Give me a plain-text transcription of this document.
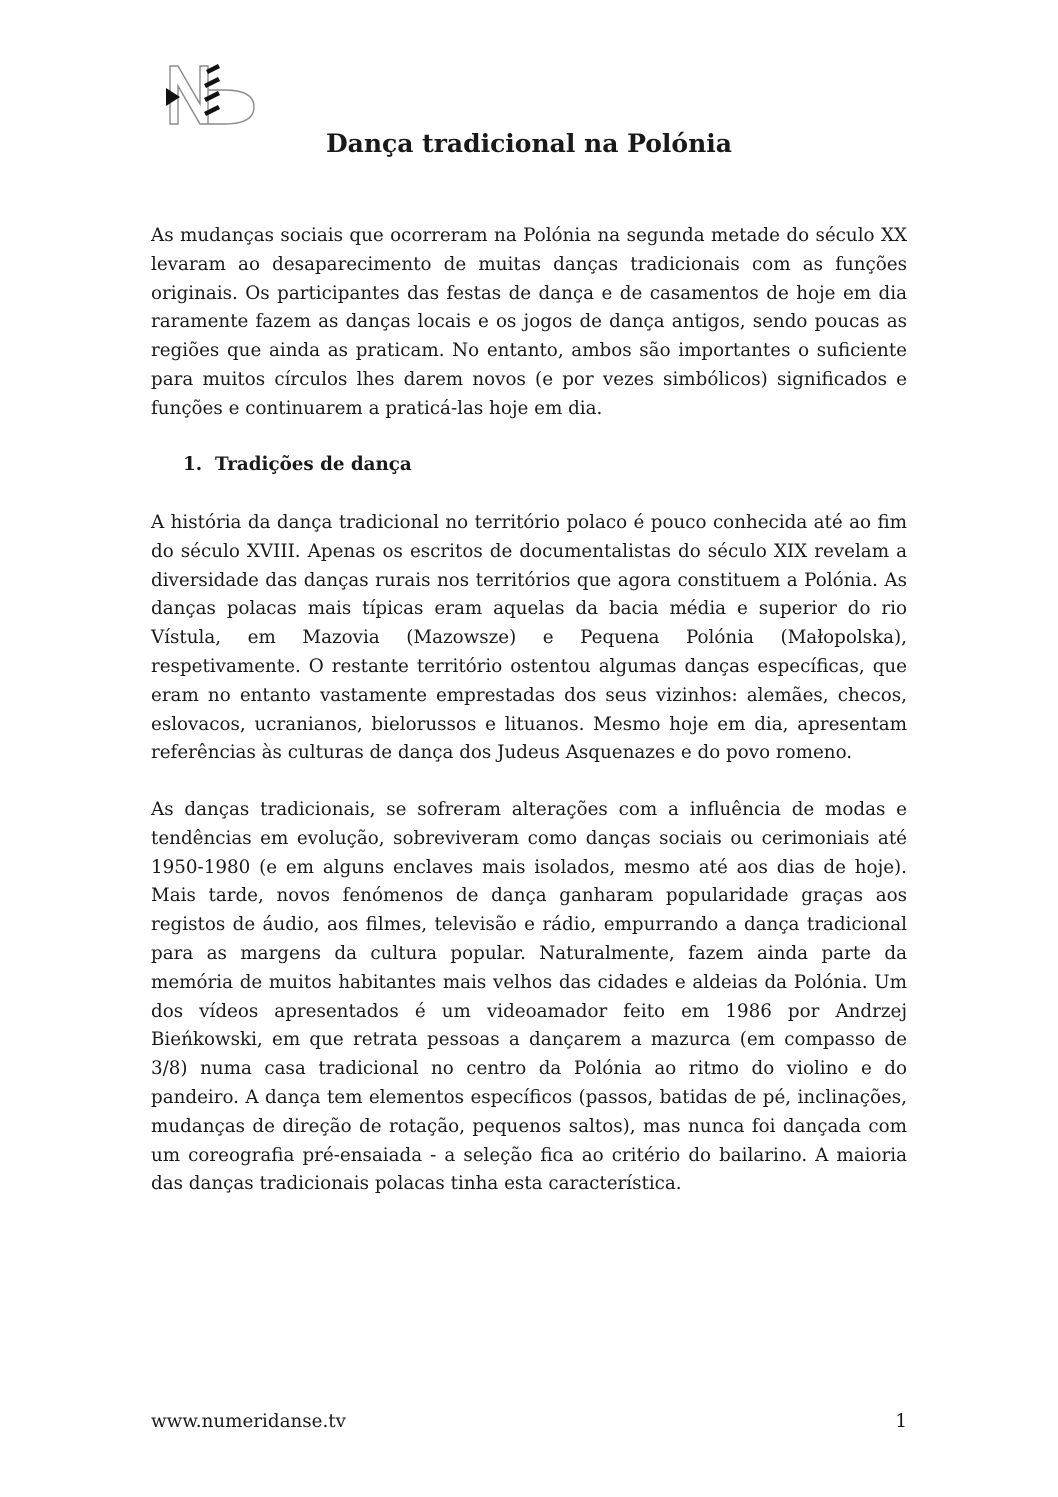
Dança tradicional na Polónia

As mudanças sociais que ocorreram na Polónia na segunda metade do século XX levaram ao desaparecimento de muitas danças tradicionais com as funções originais. Os participantes das festas de dança e de casamentos de hoje em dia raramente fazem as danças locais e os jogos de dança antigos, sendo poucas as regiões que ainda as praticam. No entanto, ambos são importantes o suficiente para muitos círculos lhes darem novos (e por vezes simbólicos) significados e funções e continuarem a praticá-las hoje em dia.

1. Tradições de dança

A história da dança tradicional no território polaco é pouco conhecida até ao fim do século XVIII. Apenas os escritos de documentalistas do século XIX revelam a diversidade das danças rurais nos territórios que agora constituem a Polónia. As danças polacas mais típicas eram aquelas da bacia média e superior do rio Vístula, em Mazovia (Mazowsze) e Pequena Polónia (Małopolska), respetivamente. O restante território ostentou algumas danças específicas, que eram no entanto vastamente emprestadas dos seus vizinhos: alemães, checos, eslovacos, ucranianos, bielorussos e lituanos. Mesmo hoje em dia, apresentam referências às culturas de dança dos Judeus Asquenazes e do povo romeno.

As danças tradicionais, se sofreram alterações com a influência de modas e tendências em evolução, sobreviveram como danças sociais ou cerimoniais até 1950-1980 (e em alguns enclaves mais isolados, mesmo até aos dias de hoje). Mais tarde, novos fenómenos de dança ganharam popularidade graças aos registos de áudio, aos filmes, televisão e rádio, empurrando a dança tradicional para as margens da cultura popular. Naturalmente, fazem ainda parte da memória de muitos habitantes mais velhos das cidades e aldeias da Polónia. Um dos vídeos apresentados é um videoamador feito em 1986 por Andrzej Bieńkowski, em que retrata pessoas a dançarem a mazurca (em compasso de 3/8) numa casa tradicional no centro da Polónia ao ritmo do violino e do pandeiro. A dança tem elementos específicos (passos, batidas de pé, inclinações, mudanças de direção de rotação, pequenos saltos), mas nunca foi dançada com um coreografia pré-ensaiada - a seleção fica ao critério do bailarino. A maioria das danças tradicionais polacas tinha esta característica.

www.numeridanse.tv	1
